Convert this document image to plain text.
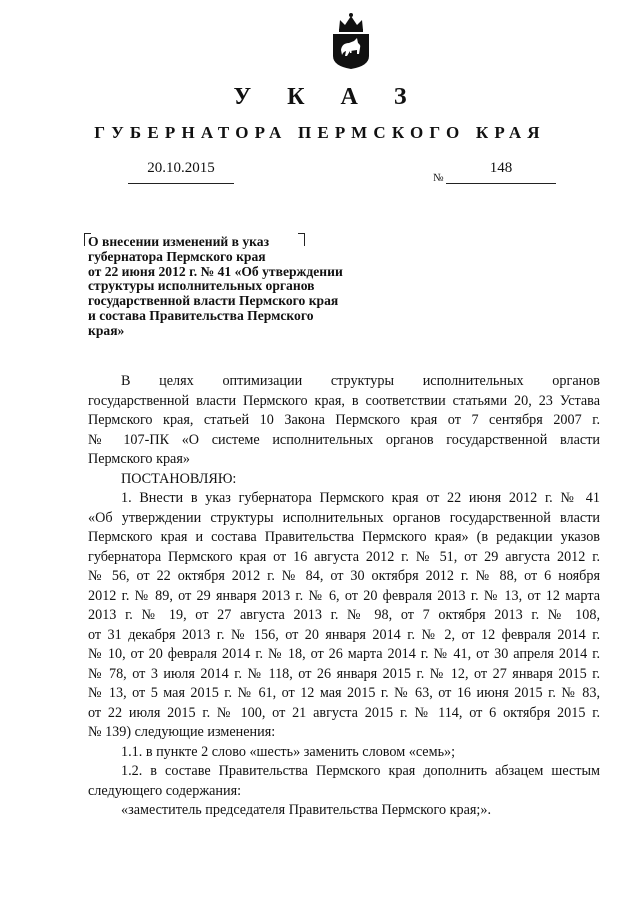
У К А З
ГУБЕРНАТОРА ПЕРМСКОГО КРАЯ
20.10.2015
№
148
О внесении изменений в указ
губернатора Пермского края
от 22 июня 2012 г. № 41 «Об утверждении
структуры исполнительных органов
государственной власти Пермского края
и состава Правительства Пермского
края»
В целях оптимизации структуры исполнительных органов
государственной власти Пермского края, в соответствии статьями 20, 23 Устава
Пермского края, статьей 10 Закона Пермского края от 7 сентября 2007 г.
№ 107-ПК «О системе исполнительных органов государственной власти
Пермского края»
ПОСТАНОВЛЯЮ:
1. Внести в указ губернатора Пермского края от 22 июня 2012 г. № 41
«Об утверждении структуры исполнительных органов государственной власти
Пермского края и состава Правительства Пермского края» (в редакции указов
губернатора Пермского края от 16 августа 2012 г. № 51, от 29 августа 2012 г.
№ 56, от 22 октября 2012 г. № 84, от 30 октября 2012 г. № 88, от 6 ноября
2012 г. № 89, от 29 января 2013 г. № 6, от 20 февраля 2013 г. № 13, от 12 марта
2013 г. № 19, от 27 августа 2013 г. № 98, от 7 октября 2013 г. № 108,
от 31 декабря 2013 г. № 156, от 20 января 2014 г. № 2, от 12 февраля 2014 г.
№ 10, от 20 февраля 2014 г. № 18, от 26 марта 2014 г. № 41, от 30 апреля 2014 г.
№ 78, от 3 июля 2014 г. № 118, от 26 января 2015 г. № 12, от 27 января 2015 г.
№ 13, от 5 мая 2015 г. № 61, от 12 мая 2015 г. № 63, от 16 июня 2015 г. № 83,
от 22 июля 2015 г. № 100, от 21 августа 2015 г. № 114, от 6 октября 2015 г.
№ 139) следующие изменения:
1.1. в пункте 2 слово «шесть» заменить словом «семь»;
1.2. в составе Правительства Пермского края дополнить абзацем шестым
следующего содержания:
«заместитель председателя Правительства Пермского края;».
